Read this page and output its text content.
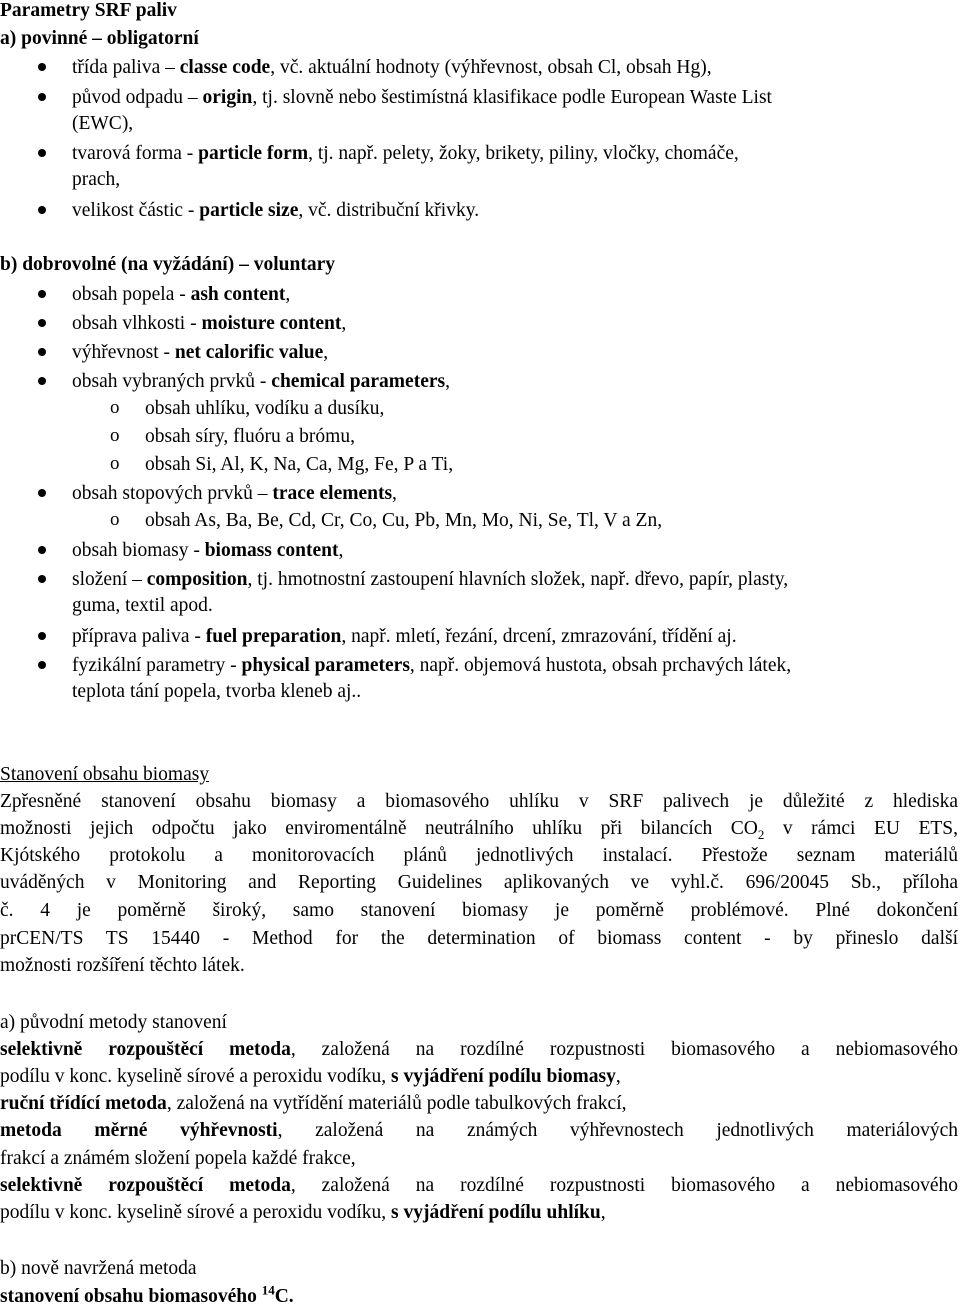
Parametry SRF paliv
a) povinné – obligatorní
třída paliva – classe code, vč. aktuální hodnoty (výhřevnost, obsah Cl, obsah Hg),
původ odpadu – origin, tj. slovně nebo šestimístná klasifikace podle European Waste List
(EWC),
tvarová forma - particle form, tj. např. pelety, žoky, brikety, piliny, vločky, chomáče,
prach,
velikost částic - particle size, vč. distribuční křivky.
b) dobrovolné (na vyžádání) – voluntary
obsah popela - ash content,
obsah vlhkosti - moisture content,
výhřevnost - net calorific value,
obsah vybraných prvků - chemical parameters,
o obsah uhlíku, vodíku a dusíku,
o obsah síry, fluóru a brómu,
o obsah Si, Al, K, Na, Ca, Mg, Fe, P a Ti,
obsah stopových prvků – trace elements,
o obsah As, Ba, Be, Cd, Cr, Co, Cu, Pb, Mn, Mo, Ni, Se, Tl, V a Zn,
obsah biomasy - biomass content,
složení – composition, tj. hmotnostní zastoupení hlavních složek, např. dřevo, papír, plasty,
guma, textil apod.
příprava paliva - fuel preparation, např. mletí, řezání, drcení, zmrazování, třídění aj.
fyzikální parametry - physical parameters, např. objemová hustota, obsah prchavých látek,
teplota tání popela, tvorba kleneb aj..
Stanovení obsahu biomasy
Zpřesněné stanovení obsahu biomasy a biomasového uhlíku v SRF palivech je důležité z hlediska
možnosti jejich odpočtu jako enviromentálně neutrálního uhlíku při bilancích $CO_2$ v rámci EU ETS,
Kjótského protokolu a monitorovacích plánů jednotlivých instalací. Přestože seznam materiálů
uváděných v Monitoring and Reporting Guidelines aplikovaných ve vyhl.č. 696/20045 Sb., příloha
č. 4 je poměrně široký, samo stanovení biomasy je poměrně problémové. Plné dokončení
prCEN/TS TS 15440 - Method for the determination of biomass content - by přineslo další
možnosti rozšíření těchto látek.
a) původní metody stanovení
selektivně rozpouštěcí metoda, založená na rozdílné rozpustnosti biomasového a nebiomasového
podílu v konc. kyselině sírové a peroxidu vodíku, s vyjádření podílu biomasy,
ruční třídící metoda, založená na vytřídění materiálů podle tabulkových frakcí,
metoda měrné výhřevnosti, založená na známých výhřevnostech jednotlivých materiálových
frakcí a známém složení popela každé frakce,
selektivně rozpouštěcí metoda, založená na rozdílné rozpustnosti biomasového a nebiomasového
podílu v konc. kyselině sírové a peroxidu vodíku, s vyjádření podílu uhlíku,
b) nově navržená metoda
stanovení obsahu biomasového $^{14}$C.
